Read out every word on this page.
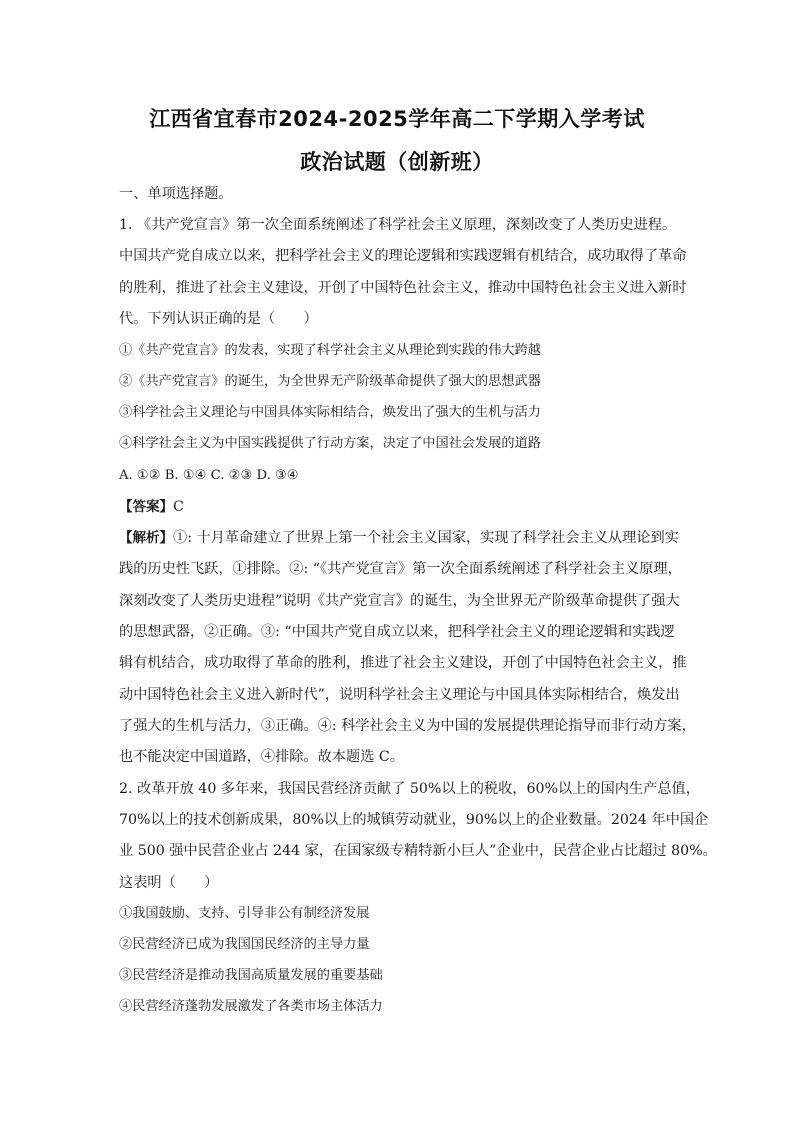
江西省宜春市2024-2025学年高二下学期入学考试
政治试题（创新班）
一、单项选择题。
1. 《共产党宣言》第一次全面系统阐述了科学社会主义原理，深刻改变了人类历史进程。
中国共产党自成立以来，把科学社会主义的理论逻辑和实践逻辑有机结合，成功取得了革命
的胜利，推进了社会主义建设，开创了中国特色社会主义，推动中国特色社会主义进入新时
代。下列认识正确的是（　　）
①《共产党宣言》的发表，实现了科学社会主义从理论到实践的伟大跨越
②《共产党宣言》的诞生，为全世界无产阶级革命提供了强大的思想武器
③科学社会主义理论与中国具体实际相结合，焕发出了强大的生机与活力
④科学社会主义为中国实践提供了行动方案，决定了中国社会发展的道路
A. ①② B. ①④ C. ②③ D. ③④
【答案】C
【解析】①: 十月革命建立了世界上第一个社会主义国家，实现了科学社会主义从理论到实
践的历史性飞跃，①排除。②: “《共产党宣言》第一次全面系统阐述了科学社会主义原理，
深刻改变了人类历史进程”说明《共产党宣言》的诞生，为全世界无产阶级革命提供了强大
的思想武器，②正确。③: “中国共产党自成立以来，把科学社会主义的理论逻辑和实践逻
辑有机结合，成功取得了革命的胜利，推进了社会主义建设，开创了中国特色社会主义，推
动中国特色社会主义进入新时代”，说明科学社会主义理论与中国具体实际相结合，焕发出
了强大的生机与活力，③正确。④: 科学社会主义为中国的发展提供理论指导而非行动方案，
也不能决定中国道路，④排除。故本题选 C。
2. 改革开放 40 多年来，我国民营经济贡献了 50%以上的税收，60%以上的国内生产总值，
70%以上的技术创新成果，80%以上的城镇劳动就业，90%以上的企业数量。2024 年中国企
业 500 强中民营企业占 244 家，在国家级专精特新小巨人”企业中，民营企业占比超过 80%。
这表明（　　）
①我国鼓励、支持、引导非公有制经济发展
②民营经济已成为我国国民经济的主导力量
③民营经济是推动我国高质量发展的重要基础
④民营经济蓬勃发展激发了各类市场主体活力
